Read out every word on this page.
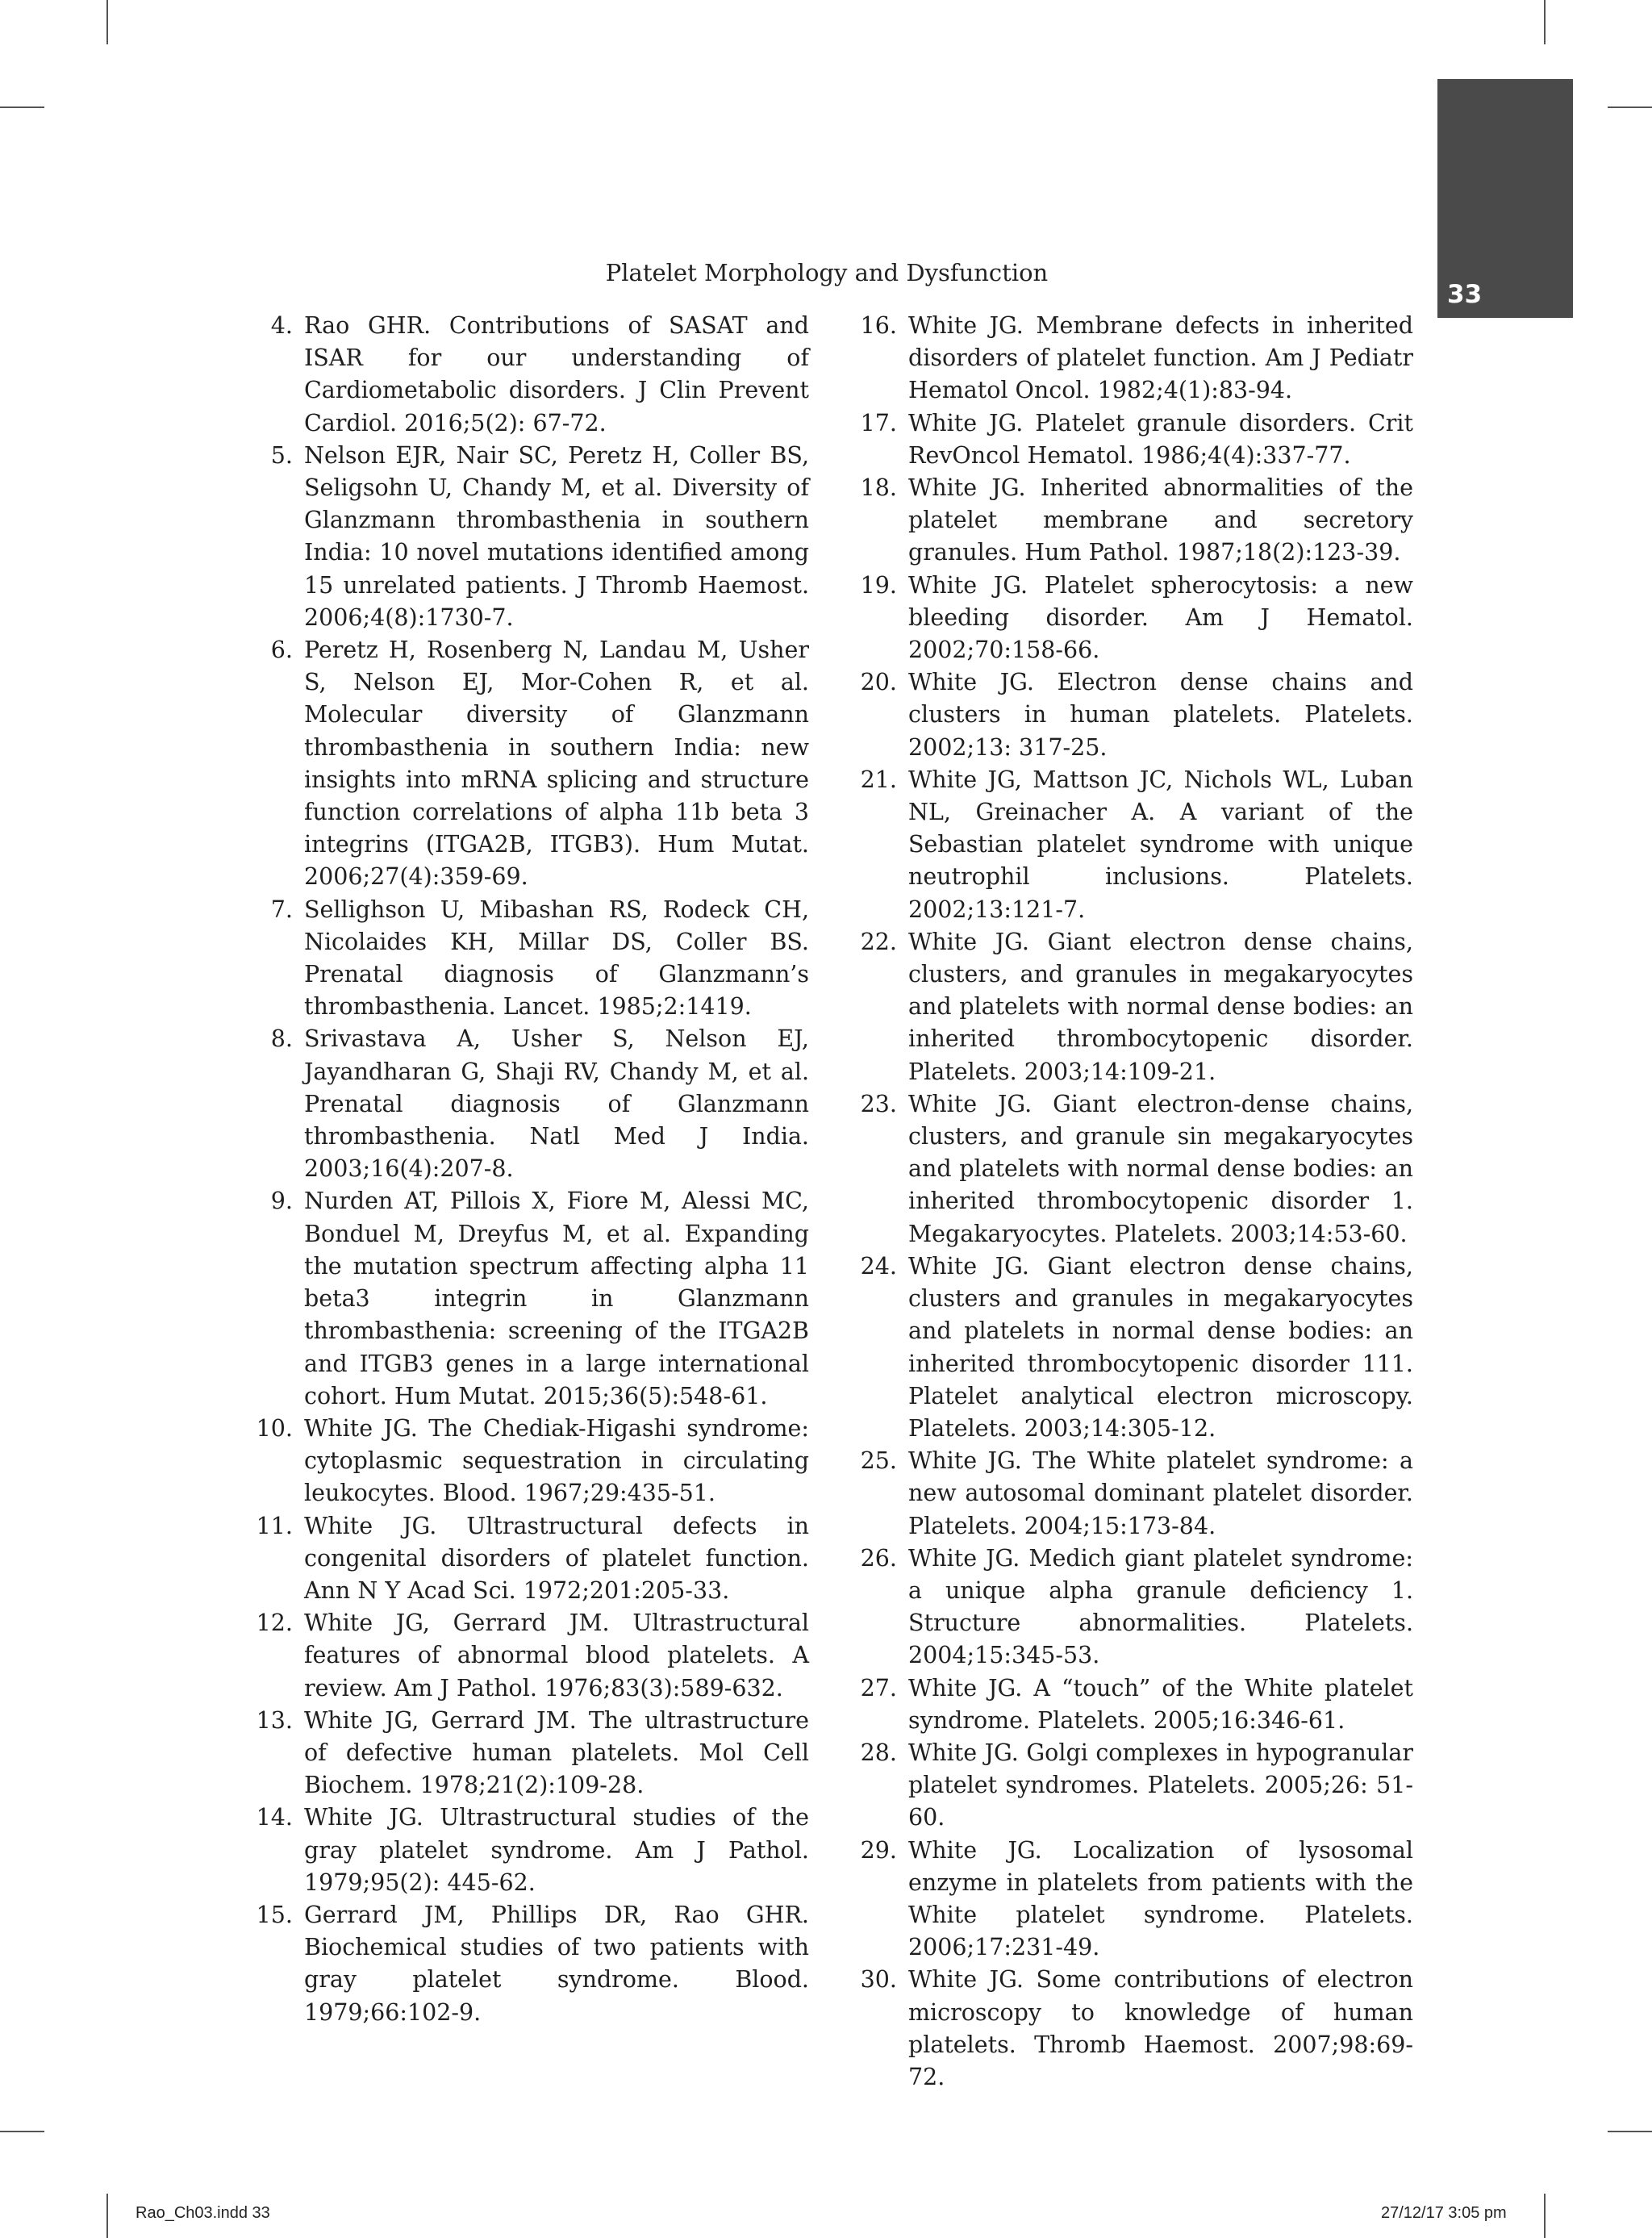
33
Platelet Morphology and Dysfunction
4. Rao GHR. Contributions of SASAT and ISAR for our understanding of Cardiometabolic disorders. J Clin Prevent Cardiol. 2016;5(2): 67-72.
5. Nelson EJR, Nair SC, Peretz H, Coller BS, Seligsohn U, Chandy M, et al. Diversity of Glanzmann thrombasthenia in southern India: 10 novel mutations identified among 15 unrelated patients. J Thromb Haemost. 2006;4(8):1730-7.
6. Peretz H, Rosenberg N, Landau M, Usher S, Nelson EJ, Mor-Cohen R, et al. Molecular diversity of Glanzmann thrombasthenia in southern India: new insights into mRNA splicing and structure function correlations of alpha 11b beta 3 integrins (ITGA2B, ITGB3). Hum Mutat. 2006;27(4):359-69.
7. Sellighson U, Mibashan RS, Rodeck CH, Nicolaides KH, Millar DS, Coller BS. Prenatal diagnosis of Glanzmann’s thrombasthenia. Lancet. 1985;2:1419.
8. Srivastava A, Usher S, Nelson EJ, Jayandharan G, Shaji RV, Chandy M, et al. Prenatal diagnosis of Glanzmann thrombasthenia. Natl Med J India. 2003;16(4):207-8.
9. Nurden AT, Pillois X, Fiore M, Alessi MC, Bonduel M, Dreyfus M, et al. Expanding the mutation spectrum affecting alpha 11 beta3 integrin in Glanzmann thrombasthenia: screening of the ITGA2B and ITGB3 genes in a large international cohort. Hum Mutat. 2015;36(5):548-61.
10. White JG. The Chediak-Higashi syndrome: cytoplasmic sequestration in circulating leukocytes. Blood. 1967;29:435-51.
11. White JG. Ultrastructural defects in congenital disorders of platelet function. Ann N Y Acad Sci. 1972;201:205-33.
12. White JG, Gerrard JM. Ultrastructural features of abnormal blood platelets. A review. Am J Pathol. 1976;83(3):589-632.
13. White JG, Gerrard JM. The ultrastructure of defective human platelets. Mol Cell Biochem. 1978;21(2):109-28.
14. White JG. Ultrastructural studies of the gray platelet syndrome. Am J Pathol. 1979;95(2): 445-62.
15. Gerrard JM, Phillips DR, Rao GHR. Biochemical studies of two patients with gray platelet syndrome. Blood. 1979;66:102-9.
16. White JG. Membrane defects in inherited disorders of platelet function. Am J Pediatr Hematol Oncol. 1982;4(1):83-94.
17. White JG. Platelet granule disorders. Crit RevOncol Hematol. 1986;4(4):337-77.
18. White JG. Inherited abnormalities of the platelet membrane and secretory granules. Hum Pathol. 1987;18(2):123-39.
19. White JG. Platelet spherocytosis: a new bleeding disorder. Am J Hematol. 2002;70:158-66.
20. White JG. Electron dense chains and clusters in human platelets. Platelets. 2002;13: 317-25.
21. White JG, Mattson JC, Nichols WL, Luban NL, Greinacher A. A variant of the Sebastian platelet syndrome with unique neutrophil inclusions. Platelets. 2002;13:121-7.
22. White JG. Giant electron dense chains, clusters, and granules in megakaryocytes and platelets with normal dense bodies: an inherited thrombocytopenic disorder. Platelets. 2003;14:109-21.
23. White JG. Giant electron-dense chains, clusters, and granule sin megakaryocytes and platelets with normal dense bodies: an inherited thrombocytopenic disorder 1. Megakaryocytes. Platelets. 2003;14:53-60.
24. White JG. Giant electron dense chains, clusters and granules in megakaryocytes and platelets in normal dense bodies: an inherited thrombocytopenic disorder 111. Platelet analytical electron microscopy. Platelets. 2003;14:305-12.
25. White JG. The White platelet syndrome: a new autosomal dominant platelet disorder. Platelets. 2004;15:173-84.
26. White JG. Medich giant platelet syndrome: a unique alpha granule deficiency 1. Structure abnormalities. Platelets. 2004;15:345-53.
27. White JG. A “touch” of the White platelet syndrome. Platelets. 2005;16:346-61.
28. White JG. Golgi complexes in hypogranular platelet syndromes. Platelets. 2005;26: 51-60.
29. White JG. Localization of lysosomal enzyme in platelets from patients with the White platelet syndrome. Platelets. 2006;17:231-49.
30. White JG. Some contributions of electron microscopy to knowledge of human platelets. Thromb Haemost. 2007;98:69-72.
Rao_Ch03.indd 33	27/12/17 3:05 pm
